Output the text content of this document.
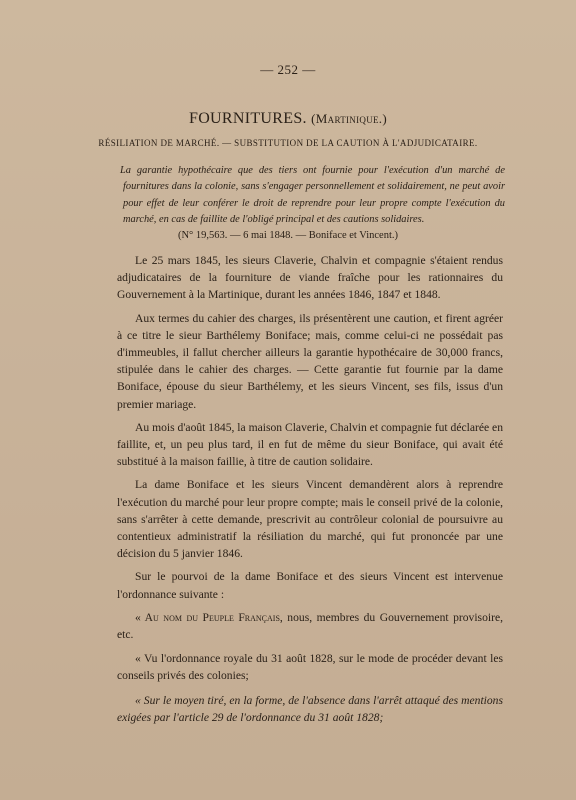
— 252 —
FOURNITURES. (Martinique.)
RÉSILIATION DE MARCHÉ. — SUBSTITUTION DE LA CAUTION À L'ADJUDICATAIRE.
La garantie hypothécaire que des tiers ont fournie pour l'exécution d'un marché de fournitures dans la colonie, sans s'engager personnellement et solidairement, ne peut avoir pour effet de leur conférer le droit de reprendre pour leur propre compte l'exécution du marché, en cas de faillite de l'obligé principal et des cautions solidaires.
(N° 19,563. — 6 mai 1848. — Boniface et Vincent.)

Le 25 mars 1845, les sieurs Claverie, Chalvin et compagnie s'étaient rendus adjudicataires de la fourniture de viande fraîche pour les rationnaires du Gouvernement à la Martinique, durant les années 1846, 1847 et 1848.

Aux termes du cahier des charges, ils présentèrent une caution, et firent agréer à ce titre le sieur Barthélemy Boniface; mais, comme celui-ci ne possédait pas d'immeubles, il fallut chercher ailleurs la garantie hypothécaire de 30,000 francs, stipulée dans le cahier des charges. — Cette garantie fut fournie par la dame Boniface, épouse du sieur Barthélemy, et les sieurs Vincent, ses fils, issus d'un premier mariage.

Au mois d'août 1845, la maison Claverie, Chalvin et compagnie fut déclarée en faillite, et, un peu plus tard, il en fut de même du sieur Boniface, qui avait été substitué à la maison faillie, à titre de caution solidaire.

La dame Boniface et les sieurs Vincent demandèrent alors à reprendre l'exécution du marché pour leur propre compte; mais le conseil privé de la colonie, sans s'arrêter à cette demande, prescrivit au contrôleur colonial de poursuivre au contentieux administratif la résiliation du marché, qui fut prononcée par une décision du 5 janvier 1846.

Sur le pourvoi de la dame Boniface et des sieurs Vincent est intervenue l'ordonnance suivante :

« Au nom du Peuple Français, nous, membres du Gouvernement provisoire, etc.

« Vu l'ordonnance royale du 31 août 1828, sur le mode de procéder devant les conseils privés des colonies;

« Sur le moyen tiré, en la forme, de l'absence dans l'arrêt attaqué des mentions exigées par l'article 29 de l'ordonnance du 31 août 1828;
